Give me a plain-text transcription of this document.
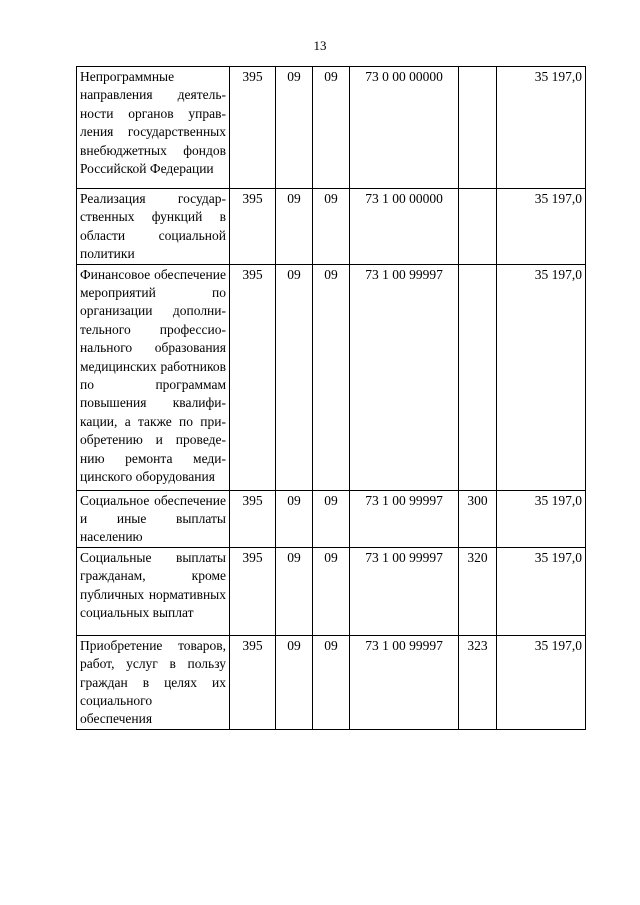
13
Непрограммные направления деятельности органов управления государственных внебюджетных фондов Российской Федерации	395	09	09	73 0 00 00000		35 197,0
Реализация государственных функций в области социальной политики	395	09	09	73 1 00 00000		35 197,0
Финансовое обеспечение мероприятий по организации дополнительного профессионального образования медицинских работников по программам повышения квалификации, а также по приобретению и проведению ремонта медицинского оборудования	395	09	09	73 1 00 99997		35 197,0
Социальное обеспечение и иные выплаты населению	395	09	09	73 1 00 99997	300	35 197,0
Социальные выплаты гражданам, кроме публичных нормативных социальных выплат	395	09	09	73 1 00 99997	320	35 197,0
Приобретение товаров, работ, услуг в пользу граждан в целях их социального обеспечения	395	09	09	73 1 00 99997	323	35 197,0
